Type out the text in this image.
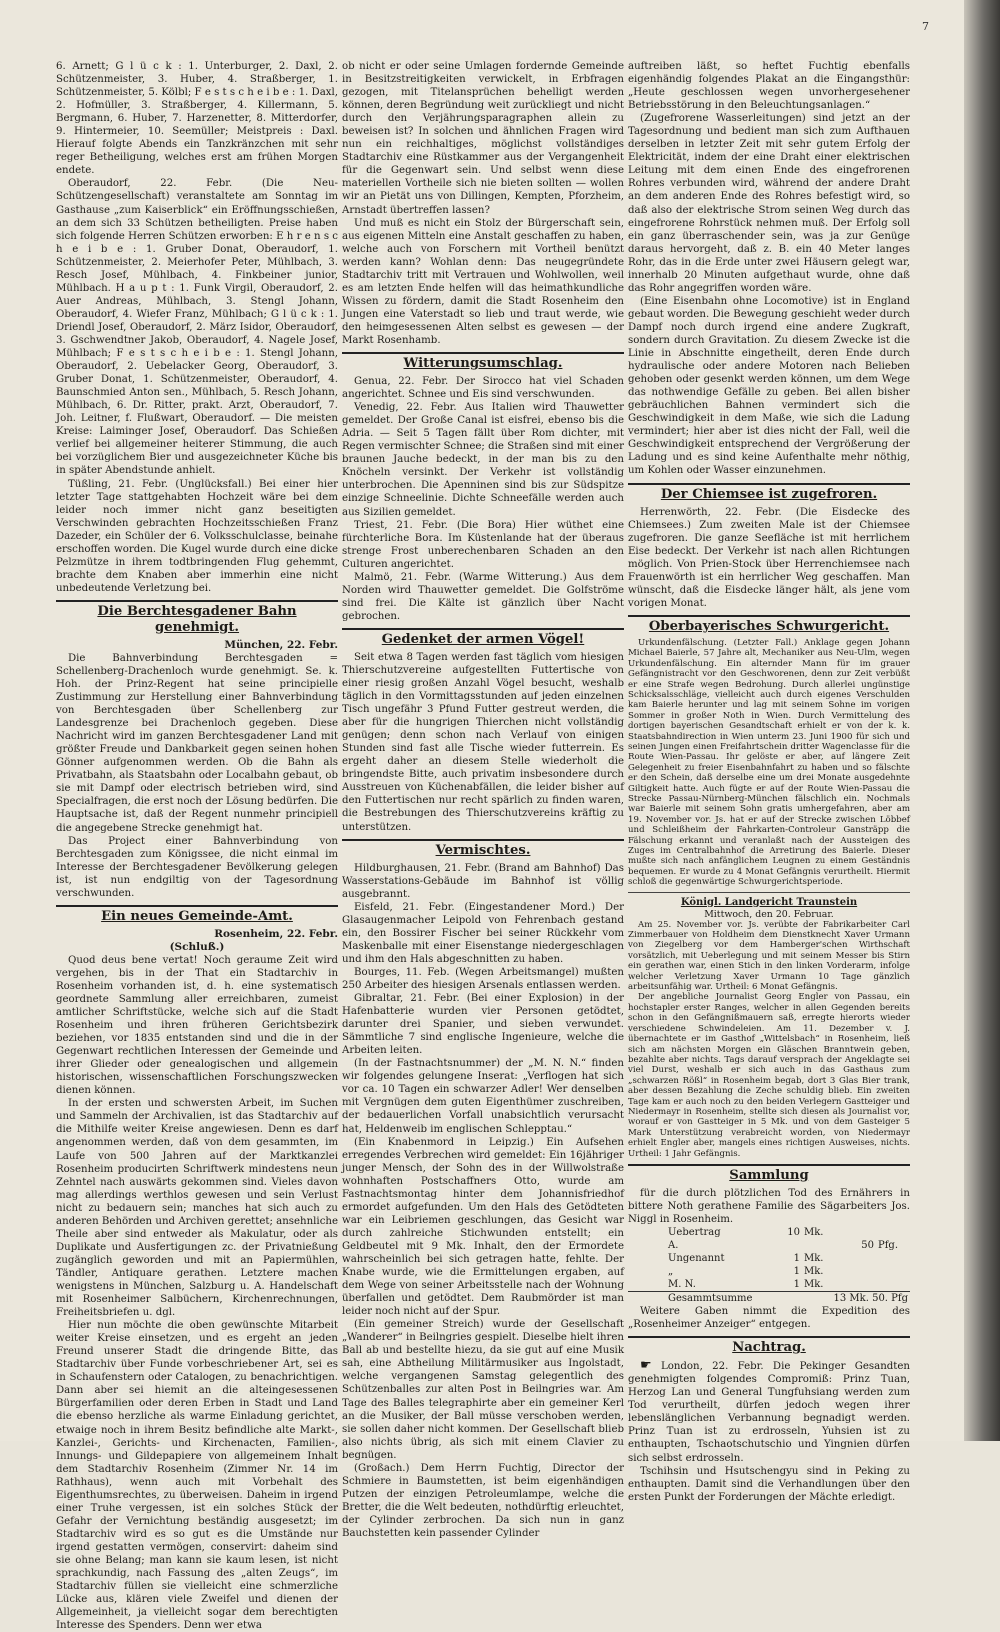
7

6. Arnett; G l ü c k : 1. Unterburger, 2. Daxl, 2. Schützenmeister, 3. Huber, 4. Straßberger, 1. Schützenmeister, 5. Kölbl; F e s t s c h e i b e : 1. Daxl, 2. Hofmüller, 3. Straßberger, 4. Killermann, 5. Bergmann, 6. Huber, 7. Harzenetter, 8. Mitterdorfer, 9. Hintermeier, 10. Seemüller; Meistpreis : Daxl. Hierauf folgte Abends ein Tanzkränzchen mit sehr reger Betheiligung, welches erst am frühen Morgen endete.

Oberaudorf, 22. Febr. (Die Neu-Schützengesellschaft) veranstaltete am Sonntag im Gasthause „zum Kaiserblick“ ein Eröffnungsschießen, an dem sich 33 Schützen betheiligten. Preise haben sich folgende Herren Schützen erworben: E h r e n s c h e i b e : 1. Gruber Donat, Oberaudorf, 1. Schützenmeister, 2. Meierhofer Peter, Mühlbach, 3. Resch Josef, Mühlbach, 4. Finkbeiner junior, Mühlbach. H a u p t : 1. Funk Virgil, Oberaudorf, 2. Auer Andreas, Mühlbach, 3. Stengl Johann, Oberaudorf, 4. Wiefer Franz, Mühlbach; G l ü c k : 1. Driendl Josef, Oberaudorf, 2. März Isidor, Oberaudorf, 3. Gschwendtner Jakob, Oberaudorf, 4. Nagele Josef, Mühlbach; F e s t s c h e i b e : 1. Stengl Johann, Oberaudorf, 2. Uebelacker Georg, Oberaudorf, 3. Gruber Donat, 1. Schützenmeister, Oberaudorf, 4. Baunschmied Anton sen., Mühlbach, 5. Resch Johann, Mühlbach, 6. Dr. Ritter, prakt. Arzt, Oberaudorf, 7. Joh. Leitner, f. Flußwart, Oberaudorf. — Die meisten Kreise: Laiminger Josef, Oberaudorf. Das Schießen verlief bei allgemeiner heiterer Stimmung, die auch bei vorzüglichem Bier und ausgezeichneter Küche bis in später Abendstunde anhielt.

Tüßling, 21. Febr. (Unglücksfall.) Bei einer hier letzter Tage stattgehabten Hochzeit wäre bei dem leider noch immer nicht ganz beseitigten Verschwinden gebrachten Hochzeitsschießen Franz Dazeder, ein Schüler der 6. Volksschulclasse, beinahe erschoffen worden. Die Kugel wurde durch eine dicke Pelzmütze in ihrem todtbringenden Flug gehemmt, brachte dem Knaben aber immerhin eine nicht unbedeutende Verletzung bei.

Die Berchtesgadener Bahn genehmigt.
München, 22. Febr.

Die Bahnverbindung Berchtesgaden = Schellenberg-Drachenloch wurde genehmigt. Se. k. Hoh. der Prinz-Regent hat seine principielle Zustimmung zur Herstellung einer Bahnverbindung von Berchtesgaden über Schellenberg zur Landesgrenze bei Drachenloch gegeben. Diese Nachricht wird im ganzen Berchtesgadener Land mit größter Freude und Dankbarkeit gegen seinen hohen Gönner aufgenommen werden. Ob die Bahn als Privatbahn, als Staatsbahn oder Localbahn gebaut, ob sie mit Dampf oder electrisch betrieben wird, sind Specialfragen, die erst noch der Lösung bedürfen. Die Hauptsache ist, daß der Regent nunmehr principiell die angegebene Strecke genehmigt hat.

Das Project einer Bahnverbindung von Berchtesgaden zum Königssee, die nicht einmal im Interesse der Berchtesgadener Bevölkerung gelegen ist, ist nun endgiltig von der Tagesordnung verschwunden.

Ein neues Gemeinde-Amt.
Rosenheim, 22. Febr.
(Schluß.)

Quod deus bene vertat! Noch geraume Zeit wird vergehen, bis in der That ein Stadtarchiv in Rosenheim vorhanden ist, d. h. eine systematisch geordnete Sammlung aller erreichbaren, zumeist amtlicher Schriftstücke, welche sich auf die Stadt Rosenheim und ihren früheren Gerichtsbezirk beziehen, vor 1835 entstanden sind und die in der Gegenwart rechtlichen Interessen der Gemeinde und ihrer Glieder oder genealogischen und allgemein historischen, wissenschaftlichen Forschungszwecken dienen können.

In der ersten und schwersten Arbeit, im Suchen und Sammeln der Archivalien, ist das Stadtarchiv auf die Mithilfe weiter Kreise angewiesen. Denn es darf angenommen werden, daß von dem gesammten, im Laufe von 500 Jahren auf der Marktkanzlei Rosenheim producirten Schriftwerk mindestens neun Zehntel nach auswärts gekommen sind. Vieles davon mag allerdings werthlos gewesen und sein Verlust nicht zu bedauern sein; manches hat sich auch zu anderen Behörden und Archiven gerettet; ansehnliche Theile aber sind entweder als Makulatur, oder als Duplikate und Ausfertigungen zc. der Privatnießung zugänglich geworden und mit an Papiermühlen, Tändler, Antiquare gerathen. Letztere machen wenigstens in München, Salzburg u. A. Handelschaft mit Rosenheimer Salbüchern, Kirchenrechnungen, Freiheitsbriefen u. dgl.

Hier nun möchte die oben gewünschte Mitarbeit weiter Kreise einsetzen, und es ergeht an jeden Freund unserer Stadt die dringende Bitte, das Stadtarchiv über Funde vorbeschriebener Art, sei es in Schaufenstern oder Catalogen, zu benachrichtigen. Dann aber sei hiemit an die alteingesessenen Bürgerfamilien oder deren Erben in Stadt und Land die ebenso herzliche als warme Einladung gerichtet, etwaige noch in ihrem Besitz befindliche alte Markt-, Kanzlei-, Gerichts- und Kirchenacten, Familien-, Innungs- und Gildepapiere von allgemeinem Inhalt dem Stadtarchiv Rosenheim (Zimmer Nr. 14 im Rathhaus), wenn auch mit Vorbehalt des Eigenthumsrechtes, zu überweisen. Daheim in irgend einer Truhe vergessen, ist ein solches Stück der Gefahr der Vernichtung beständig ausgesetzt; im Stadtarchiv wird es so gut es die Umstände nur irgend gestatten vermögen, conservirt: daheim sind sie ohne Belang; man kann sie kaum lesen, ist nicht sprachkundig, nach Fassung des „alten Zeugs“, im Stadtarchiv füllen sie vielleicht eine schmerzliche Lücke aus, klären viele Zweifel und dienen der Allgemeinheit, ja vielleicht sogar dem berechtigten Interesse des Spenders. Denn wer etwa

ob nicht er oder seine Umlagen fordernde Gemeinde in Besitzstreitigkeiten verwickelt, in Erbfragen gezogen, mit Titelansprüchen behelligt werden können, deren Begründung weit zurückliegt und nicht durch den Verjährungsparagraphen allein zu beweisen ist? In solchen und ähnlichen Fragen wird nun ein reichhaltiges, möglichst vollständiges Stadtarchiv eine Rüstkammer aus der Vergangenheit für die Gegenwart sein. Und selbst wenn diese materiellen Vortheile sich nie bieten sollten — wollen wir an Pietät uns von Dillingen, Kempten, Pforzheim, Arnstadt übertreffen lassen?

Und muß es nicht ein Stolz der Bürgerschaft sein, aus eigenen Mitteln eine Anstalt geschaffen zu haben, welche auch von Forschern mit Vortheil benützt werden kann? Wohlan denn: Das neugegründete Stadtarchiv tritt mit Vertrauen und Wohlwollen, weil es am letzten Ende helfen will das heimathkundliche Wissen zu fördern, damit die Stadt Rosenheim den Jungen eine Vaterstadt so lieb und traut werde, wie den heimgesessenen Alten selbst es gewesen — der Markt Rosenhamb.

Witterungsumschlag.

Genua, 22. Febr. Der Sirocco hat viel Schaden angerichtet. Schnee und Eis sind verschwunden.

Venedig, 22. Febr. Aus Italien wird Thauwetter gemeldet. Der Große Canal ist eisfrei, ebenso bis die Adria. — Seit 5 Tagen fällt über Rom dichter, mit Regen vermischter Schnee; die Straßen sind mit einer braunen Jauche bedeckt, in der man bis zu den Knöcheln versinkt. Der Verkehr ist vollständig unterbrochen. Die Apenninen sind bis zur Südspitze einzige Schneelinie. Dichte Schneefälle werden auch aus Sizilien gemeldet.

Triest, 21. Febr. (Die Bora) Hier wüthet eine fürchterliche Bora. Im Küstenlande hat der überaus strenge Frost unberechenbaren Schaden an den Culturen angerichtet.

Malmö, 21. Febr. (Warme Witterung.) Aus dem Norden wird Thauwetter gemeldet. Die Golfströme sind frei. Die Kälte ist gänzlich über Nacht gebrochen.

Gedenket der armen Vögel!

Seit etwa 8 Tagen werden fast täglich vom hiesigen Thierschutzvereine aufgestellten Futtertische von einer riesig großen Anzahl Vögel besucht, weshalb täglich in den Vormittagsstunden auf jeden einzelnen Tisch ungefähr 3 Pfund Futter gestreut werden, die aber für die hungrigen Thierchen nicht vollständig genügen; denn schon nach Verlauf von einigen Stunden sind fast alle Tische wieder futterrein. Es ergeht daher an diesem Stelle wiederholt die bringendste Bitte, auch privatim insbesondere durch Ausstreuen von Küchenabfällen, die leider bisher auf den Futtertischen nur recht spärlich zu finden waren, die Bestrebungen des Thierschutzvereins kräftig zu unterstützen.

Vermischtes.

Hildburghausen, 21. Febr. (Brand am Bahnhof) Das Wasserstations-Gebäude im Bahnhof ist völlig ausgebrannt.

Eisfeld, 21. Febr. (Eingestandener Mord.) Der Glasaugenmacher Leipold von Fehrenbach gestand ein, den Bossirer Fischer bei seiner Rückkehr vom Maskenballe mit einer Eisenstange niedergeschlagen und ihm den Hals abgeschnitten zu haben.

Bourges, 11. Feb. (Wegen Arbeitsmangel) mußten 250 Arbeiter des hiesigen Arsenals entlassen werden.

Gibraltar, 21. Febr. (Bei einer Explosion) in der Hafenbatterie wurden vier Personen getödtet, darunter drei Spanier, und sieben verwundet. Sämmtliche 7 sind englische Ingenieure, welche die Arbeiten leiten.

(In der Fastnachtsnummer) der „M. N. N.“ finden wir folgendes gelungene Inserat: „Verflogen hat sich vor ca. 10 Tagen ein schwarzer Adler! Wer denselben mit Vergnügen dem guten Eigenthümer zuschreiben, der bedauerlichen Vorfall unabsichtlich verursacht hat, Heldenweib im englischen Schlepptau.“

(Ein Knabenmord in Leipzig.) Ein Aufsehen erregendes Verbrechen wird gemeldet: Ein 16jähriger junger Mensch, der Sohn des in der Willwolstraße wohnhaften Postschaffners Otto, wurde am Fastnachtsmontag hinter dem Johannisfriedhof ermordet aufgefunden. Um den Hals des Getödteten war ein Leibriemen geschlungen, das Gesicht war durch zahlreiche Stichwunden entstellt; ein Geldbeutel mit 9 Mk. Inhalt, den der Ermordete wahrscheinlich bei sich getragen hatte, fehlte. Der Knabe wurde, wie die Ermittelungen ergaben, auf dem Wege von seiner Arbeitsstelle nach der Wohnung überfallen und getödtet. Dem Raubmörder ist man leider noch nicht auf der Spur.

(Ein gemeiner Streich) wurde der Gesellschaft „Wanderer“ in Beilngries gespielt. Dieselbe hielt ihren Ball ab und bestellte hiezu, da sie gut auf eine Musik sah, eine Abtheilung Militärmusiker aus Ingolstadt, welche vergangenen Samstag gelegentlich des Schützenballes zur alten Post in Beilngries war. Am Tage des Balles telegraphirte aber ein gemeiner Kerl an die Musiker, der Ball müsse verschoben werden, sie sollen daher nicht kommen. Der Gesellschaft blieb also nichts übrig, als sich mit einem Clavier zu begnügen.

(Großach.) Dem Herrn Fuchtig, Director der Schmiere in Baumstetten, ist beim eigenhändigen Putzen der einzigen Petroleumlampe, welche die Bretter, die die Welt bedeuten, nothdürftig erleuchtet, der Cylinder zerbrochen. Da sich nun in ganz Bauchstetten kein passender Cylinder

auftreiben läßt, so heftet Fuchtig ebenfalls eigenhändig folgendes Plakat an die Eingangsthür: „Heute geschlossen wegen unvorhergesehener Betriebsstörung in den Beleuchtungsanlagen.“

(Zugefrorene Wasserleitungen) sind jetzt an der Tagesordnung und bedient man sich zum Aufthauen derselben in letzter Zeit mit sehr gutem Erfolg der Elektricität, indem der eine Draht einer elektrischen Leitung mit dem einen Ende des eingefrorenen Rohres verbunden wird, während der andere Draht an dem anderen Ende des Rohres befestigt wird, so daß also der elektrische Strom seinen Weg durch das eingefrorene Rohrstück nehmen muß. Der Erfolg soll ein ganz überraschender sein, was ja zur Genüge daraus hervorgeht, daß z. B. ein 40 Meter langes Rohr, das in die Erde unter zwei Häusern gelegt war, innerhalb 20 Minuten aufgethaut wurde, ohne daß das Rohr angegriffen worden wäre.

(Eine Eisenbahn ohne Locomotive) ist in England gebaut worden. Die Bewegung geschieht weder durch Dampf noch durch irgend eine andere Zugkraft, sondern durch Gravitation. Zu diesem Zwecke ist die Linie in Abschnitte eingetheilt, deren Ende durch hydraulische oder andere Motoren nach Belieben gehoben oder gesenkt werden können, um dem Wege das nothwendige Gefälle zu geben. Bei allen bisher gebräuchlichen Bahnen vermindert sich die Geschwindigkeit in dem Maße, wie sich die Ladung vermindert; hier aber ist dies nicht der Fall, weil die Geschwindigkeit entsprechend der Vergrößerung der Ladung und es sind keine Aufenthalte mehr nöthig, um Kohlen oder Wasser einzunehmen.

Der Chiemsee ist zugefroren.

Herrenwörth, 22. Febr. (Die Eisdecke des Chiemsees.) Zum zweiten Male ist der Chiemsee zugefroren. Die ganze Seefläche ist mit herrlichem Eise bedeckt. Der Verkehr ist nach allen Richtungen möglich. Von Prien-Stock über Herrenchiemsee nach Frauenwörth ist ein herrlicher Weg geschaffen. Man wünscht, daß die Eisdecke länger hält, als jene vom vorigen Monat.

Oberbayerisches Schwurgericht.

Urkundenfälschung. (Letzter Fall.) Anklage gegen Johann Michael Baierle, 57 Jahre alt, Mechaniker aus Neu-Ulm, wegen Urkundenfälschung. Ein alternder Mann für im grauer Gefängnistracht vor den Geschworenen, denn zur Zeit verbüßt er eine Strafe wegen Bedrohung. Durch allerlei ungünstige Schicksalsschläge, vielleicht auch durch eigenes Verschulden kam Baierle herunter und lag mit seinem Sohne im vorigen Sommer in großer Noth in Wien. Durch Vermittelung des dortigen bayerischen Gesandtschaft erhielt er von der k. k. Staatsbahndirection in Wien unterm 23. Juni 1900 für sich und seinen Jungen einen Freifahrtschein dritter Wagenclasse für die Route Wien-Passau. Ihr gelöste er aber, auf längere Zeit Gelegenheit zu freier Eisenbahnfahrt zu haben und so fälschte er den Schein, daß derselbe eine um drei Monate ausgedehnte Giltigkeit hatte. Auch fügte er auf der Route Wien-Passau die Strecke Passau-Nürnberg-München fälschlich ein. Nochmals war Baierle mit seinem Sohn gratis umhergefahren, aber am 19. November vor. Js. hat er auf der Strecke zwischen Löbbef und Schleißheim der Fahrkarten-Controleur Gansträpp die Fälschung erkannt und veranlaßt nach der Aussteigen des Zuges im Centralbahnhof die Arretirung des Baierle. Dieser mußte sich nach anfänglichem Leugnen zu einem Geständnis bequemen. Er wurde zu 4 Monat Gefängnis verurtheilt. Hiermit schloß die gegenwärtige Schwurgerichtsperiode.

Königl. Landgericht Traunstein
Mittwoch, den 20. Februar.

Am 25. November vor. Js. verübte der Fabrikarbeiter Carl Zimmerbauer von Holdheim dem Dienstknecht Xaver Urmann von Ziegelberg vor dem Hamberger'schen Wirthschaft vorsätzlich, mit Ueberlegung und mit seinem Messer bis Stirn ein gerathen war, einen Stich in den linken Vorderarm, infolge welcher Verletzung Xaver Urmann 10 Tage gänzlich arbeitsunfähig war. Urtheil: 6 Monat Gefängnis.

Der angebliche Journalist Georg Engler von Passau, ein hochstapler erster Ranges, welcher in allen Gegenden bereits schon in den Gefängnißmauern saß, erregte hierorts wieder verschiedene Schwindeleien. Am 11. Dezember v. J. übernachtete er im Gasthof „Wittelsbach“ in Rosenheim, ließ sich am nächsten Morgen ein Gläschen Branntwein geben, bezahlte aber nichts. Tags darauf versprach der Angeklagte sei viel Durst, weshalb er sich auch in das Gasthaus zum „schwarzen Rößl“ in Rosenheim begab, dort 3 Glas Bier trank, aber dessen Bezahlung die Zeche schuldig blieb. Ein zweiten Tage kam er auch noch zu den beiden Verlegern Gastteiger und Niedermayr in Rosenheim, stellte sich diesen als Journalist vor, worauf er von Gastteiger in 5 Mk. und von dem Gasteiger 5 Mark Unterstützung verabreicht worden, von Niedermayr erhielt Engler aber, mangels eines richtigen Ausweises, nichts. Urtheil: 1 Jahr Gefängnis.

Sammlung

für die durch plötzlichen Tod des Ernährers in bittere Noth gerathene Familie des Sägarbeiters Jos. Niggl in Rosenheim.

Uebertrag	10	Mk.		
A.			50	Pfg.
Ungenannt	1	Mk.		
„	1	Mk.		
M. N.	1	Mk.		
Gesammtsumme	13 Mk. 50. Pfg			

Weitere Gaben nimmt die Expedition des „Rosenheimer Anzeiger“ entgegen.

Nachtrag.

☛ London, 22. Febr. Die Pekinger Gesandten genehmigten folgendes Compromiß: Prinz Tuan, Herzog Lan und General Tungfuhsiang werden zum Tod verurtheilt, dürfen jedoch wegen ihrer lebenslänglichen Verbannung begnadigt werden. Prinz Tuan ist zu erdrosseln, Yuhsien ist zu enthaupten, Tschaotschutschio und Yingnien dürfen sich selbst erdrosseln.

Tschihsin und Hsutschengyu sind in Peking zu enthaupten. Damit sind die Verhandlungen über den ersten Punkt der Forderungen der Mächte erledigt.
